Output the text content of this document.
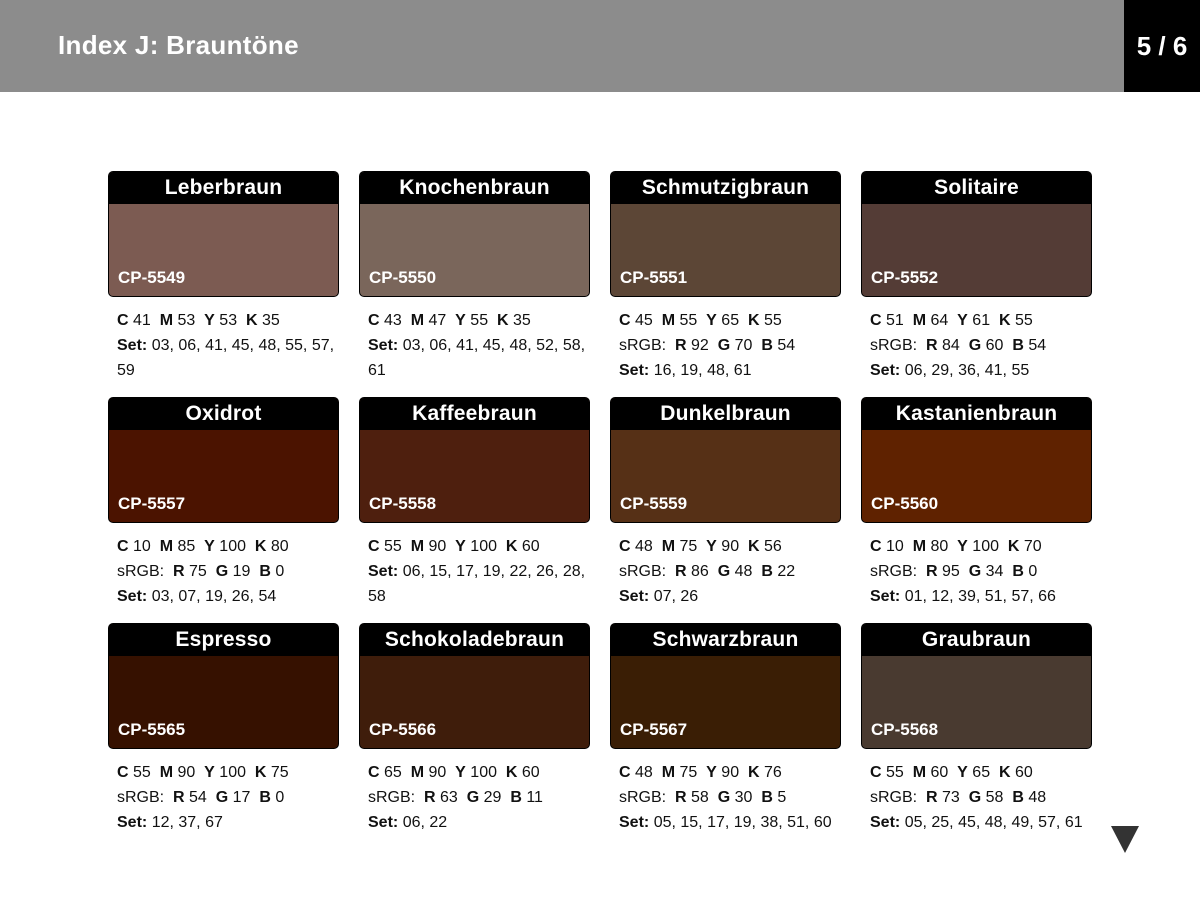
Index J: Brauntöne	5 / 6
Leberbraun
CP-5549
C 41 M 53 Y 53 K 35
Set: 03, 06, 41, 45, 48, 55, 57, 59
Knochenbraun
CP-5550
C 43 M 47 Y 55 K 35
Set: 03, 06, 41, 45, 48, 52, 58, 61
Schmutzigbraun
CP-5551
C 45 M 55 Y 65 K 55
sRGB: R 92 G 70 B 54
Set: 16, 19, 48, 61
Solitaire
CP-5552
C 51 M 64 Y 61 K 55
sRGB: R 84 G 60 B 54
Set: 06, 29, 36, 41, 55
Oxidrot
CP-5557
C 10 M 85 Y 100 K 80
sRGB: R 75 G 19 B 0
Set: 03, 07, 19, 26, 54
Kaffeebraun
CP-5558
C 55 M 90 Y 100 K 60
Set: 06, 15, 17, 19, 22, 26, 28, 58
Dunkelbraun
CP-5559
C 48 M 75 Y 90 K 56
sRGB: R 86 G 48 B 22
Set: 07, 26
Kastanienbraun
CP-5560
C 10 M 80 Y 100 K 70
sRGB: R 95 G 34 B 0
Set: 01, 12, 39, 51, 57, 66
Espresso
CP-5565
C 55 M 90 Y 100 K 75
sRGB: R 54 G 17 B 0
Set: 12, 37, 67
Schokoladebraun
CP-5566
C 65 M 90 Y 100 K 60
sRGB: R 63 G 29 B 11
Set: 06, 22
Schwarzbraun
CP-5567
C 48 M 75 Y 90 K 76
sRGB: R 58 G 30 B 5
Set: 05, 15, 17, 19, 38, 51, 60
Graubraun
CP-5568
C 55 M 60 Y 65 K 60
sRGB: R 73 G 58 B 48
Set: 05, 25, 45, 48, 49, 57, 61
